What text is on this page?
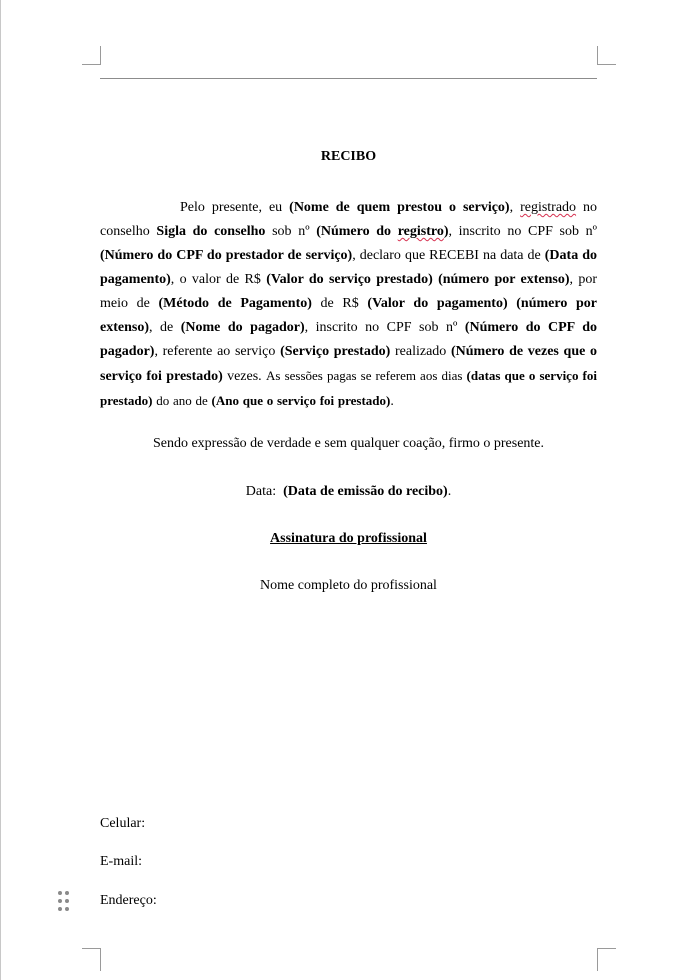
RECIBO
Pelo presente, eu (Nome de quem prestou o serviço), registrado no conselho Sigla do conselho sob nº (Número do registro), inscrito no CPF sob nº (Número do CPF do prestador de serviço), declaro que RECEBI na data de (Data do pagamento), o valor de R$ (Valor do serviço prestado) (número por extenso), por meio de (Método de Pagamento) de R$ (Valor do pagamento) (número por extenso), de (Nome do pagador), inscrito no CPF sob nº (Número do CPF do pagador), referente ao serviço (Serviço prestado) realizado (Número de vezes que o serviço foi prestado) vezes. As sessões pagas se referem aos dias (datas que o serviço foi prestado) do ano de (Ano que o serviço foi prestado).
Sendo expressão de verdade e sem qualquer coação, firmo o presente.
Data: (Data de emissão do recibo).
Assinatura do profissional
Nome completo do profissional
Celular:
E-mail:
Endereço:
